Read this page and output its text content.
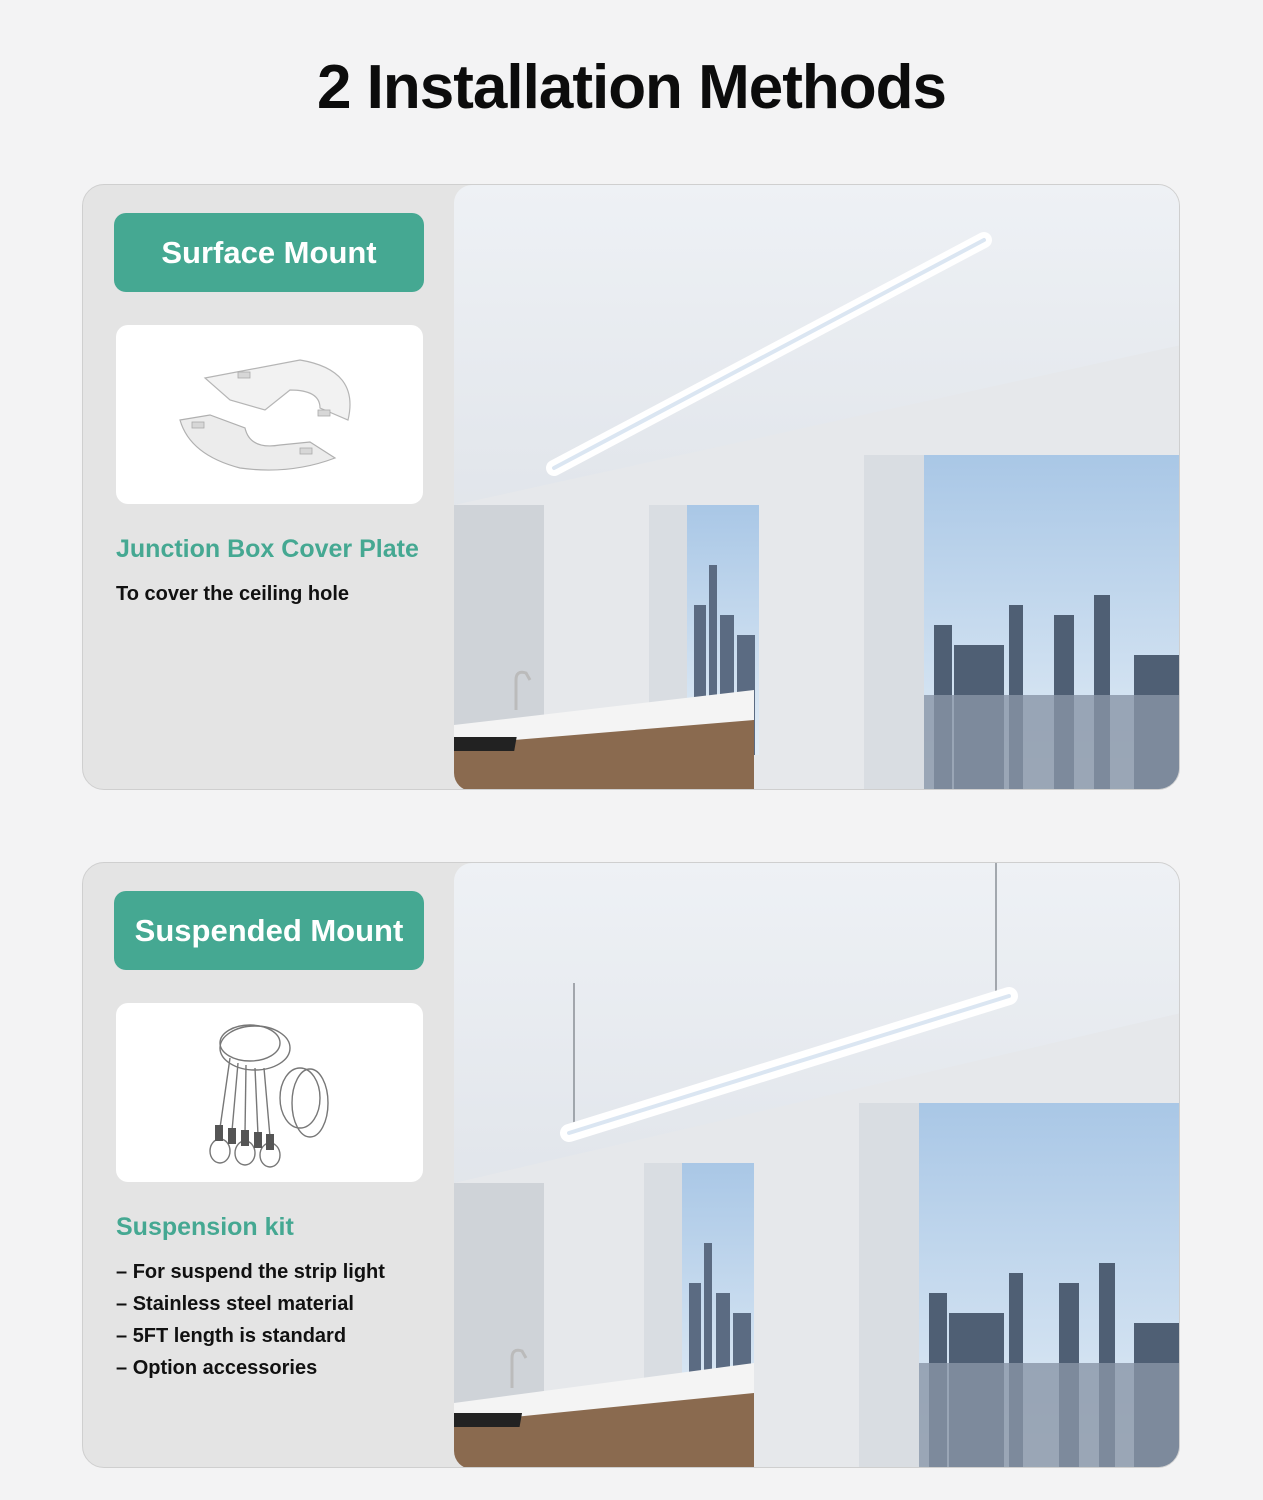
2 Installation Methods
Surface Mount
Junction Box Cover Plate
To cover the ceiling hole
Suspended Mount
Suspension kit
– For suspend the strip light
– Stainless steel material
– 5FT length is standard
– Option accessories
